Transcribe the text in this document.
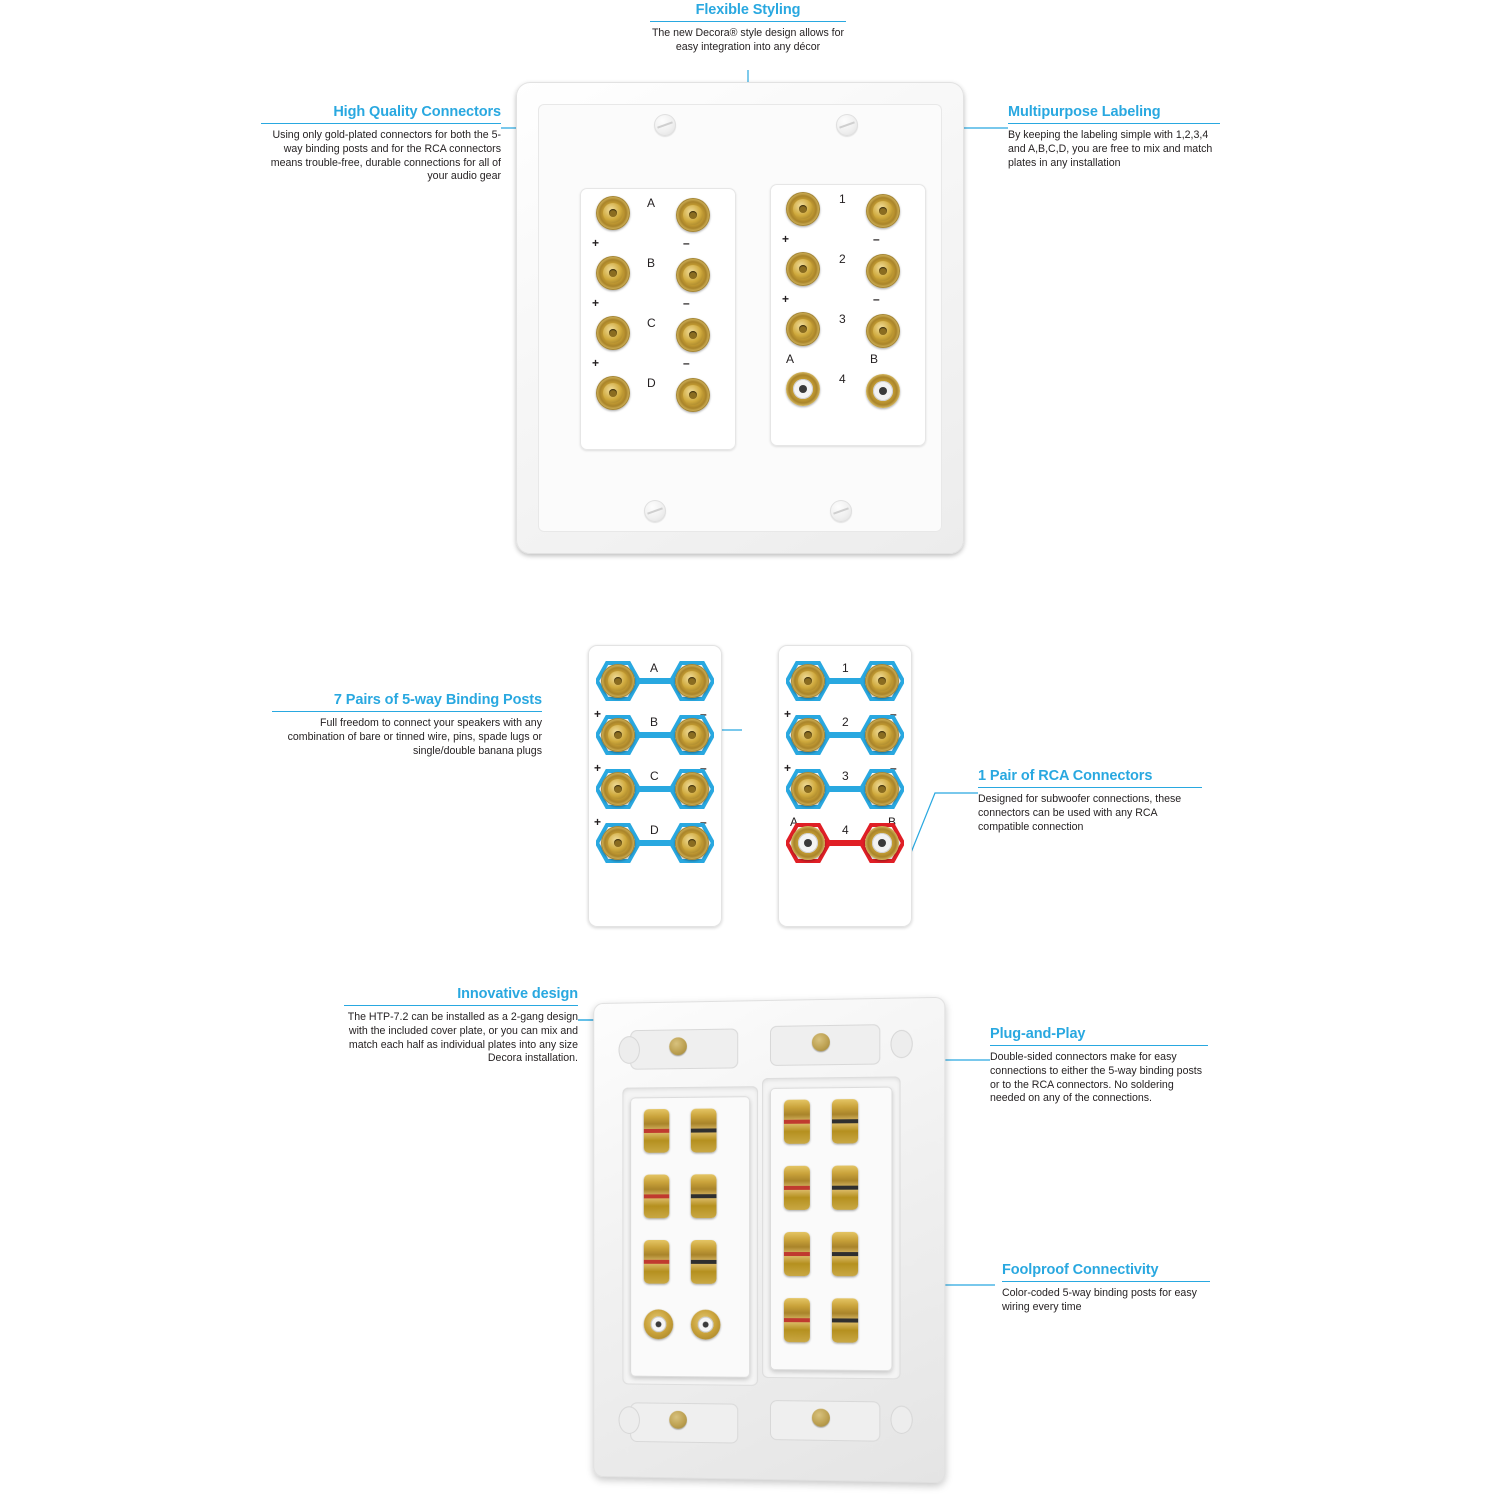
Flexible Styling
The new Decora® style design allows for easy integration into any décor
High Quality Connectors
Using only gold-plated connectors for both the 5-way binding posts and for the RCA connectors means trouble-free, durable connections for all of your audio gear
Multipurpose Labeling
By keeping the labeling simple with 1,2,3,4 and A,B,C,D, you are free to mix and match plates in any installation
A
+	–
B
+	–
C
+	–
D
1
+	–
2
+	–
3
A	B
4
7 Pairs of 5-way Binding Posts
Full freedom to connect your speakers with any combination of bare or tinned wire, pins, spade lugs or single/double banana plugs
1 Pair of RCA Connectors
Designed for subwoofer connections, these connectors can be used with any RCA compatible connection
A
+	–
B
+	–
C
+	–
D
1
+	–
2
+	–
3
A	B
4
Innovative design
The HTP-7.2 can be installed as a 2-gang design with the included cover plate, or you can mix and match each half as individual plates into any size Decora installation.
Plug-and-Play
Double-sided connectors make for easy connections to either the 5-way binding posts or to the RCA connectors. No soldering needed on any of the connections.
Foolproof Connectivity
Color-coded 5-way binding posts for easy wiring every time
